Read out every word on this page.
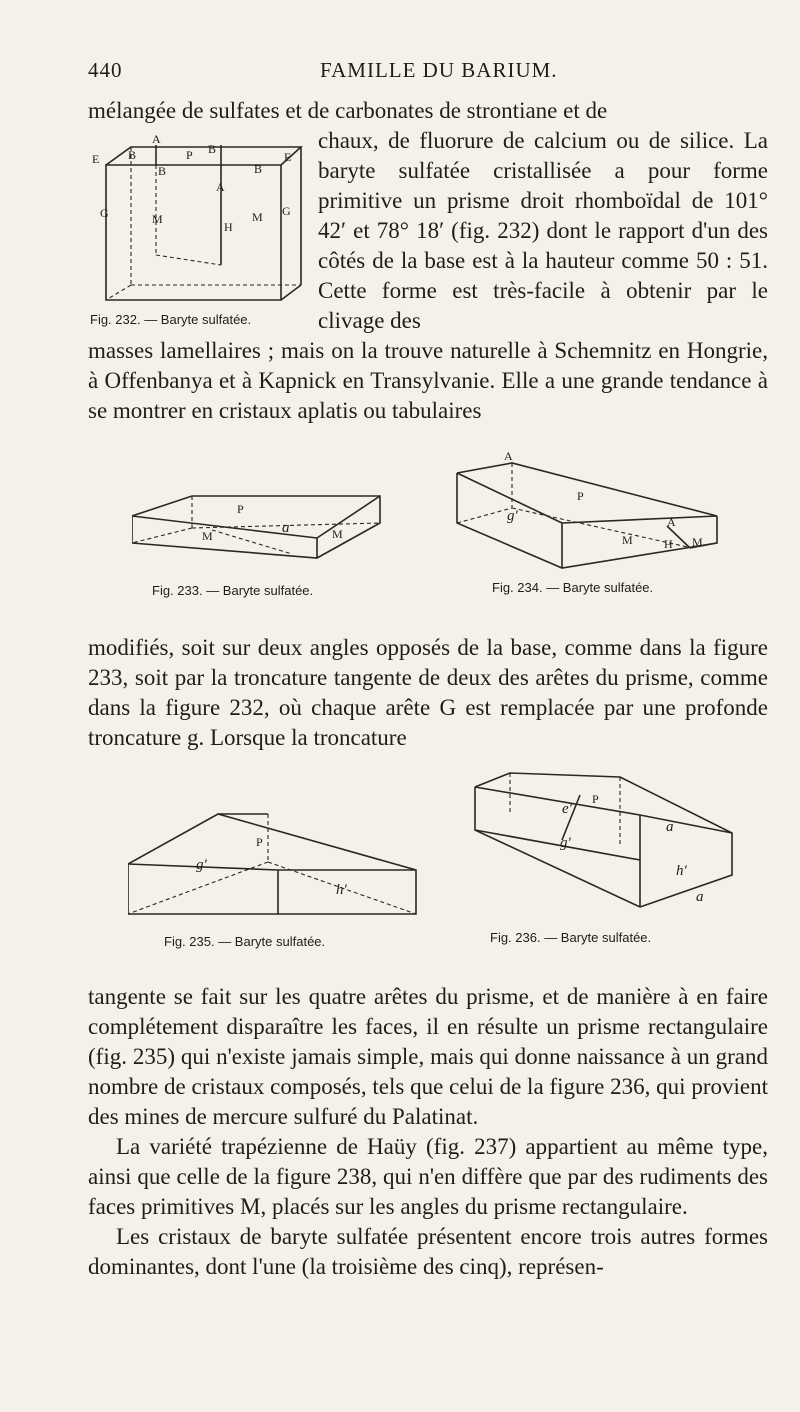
440	FAMILLE DU BARIUM.
A
E B	P B
E
B	B
G	G
M
H
M
A
Fig. 232. — Baryte sulfatée.
mélangée de sulfates et de carbonates de strontiane et de
chaux, de fluorure de calcium ou de silice. La baryte sulfatée cristallisée a pour forme primitive un prisme droit rhomboïdal de 101° 42′ et 78° 18′ (fig. 232) dont le rapport d'un des côtés de la base est à la hauteur comme 50 : 51. Cette forme est très-facile à obtenir par le clivage des
masses lamellaires ; mais on la trouve naturelle à Schemnitz en Hongrie, à Offenbanya et à Kapnick en Transylvanie. Elle a une grande tendance à se montrer en cristaux aplatis ou tabulaires
P
M	M
a
Fig. 233. — Baryte sulfatée.
A
P
g'	A
M	H M
Fig. 234. — Baryte sulfatée.
modifiés, soit sur deux angles opposés de la base, comme dans la figure 233, soit par la troncature tangente de deux des arêtes du prisme, comme dans la figure 232, où chaque arête G est remplacée par une profonde troncature g. Lorsque la troncature
P
g'
h'
Fig. 235. — Baryte sulfatée.
P
e'
g'
a
h'
a
Fig. 236. — Baryte sulfatée.

tangente se fait sur les quatre arêtes du prisme, et de manière à en faire complétement disparaître les faces, il en résulte un prisme rectangulaire (fig. 235) qui n'existe jamais simple, mais qui donne naissance à un grand nombre de cristaux composés, tels que celui de la figure 236, qui provient des mines de mercure sulfuré du Palatinat.

La variété trapézienne de Haüy (fig. 237) appartient au même type, ainsi que celle de la figure 238, qui n'en diffère que par des rudiments des faces primitives M, placés sur les angles du prisme rectangulaire.

Les cristaux de baryte sulfatée présentent encore trois autres formes dominantes, dont l'une (la troisième des cinq), représen-
